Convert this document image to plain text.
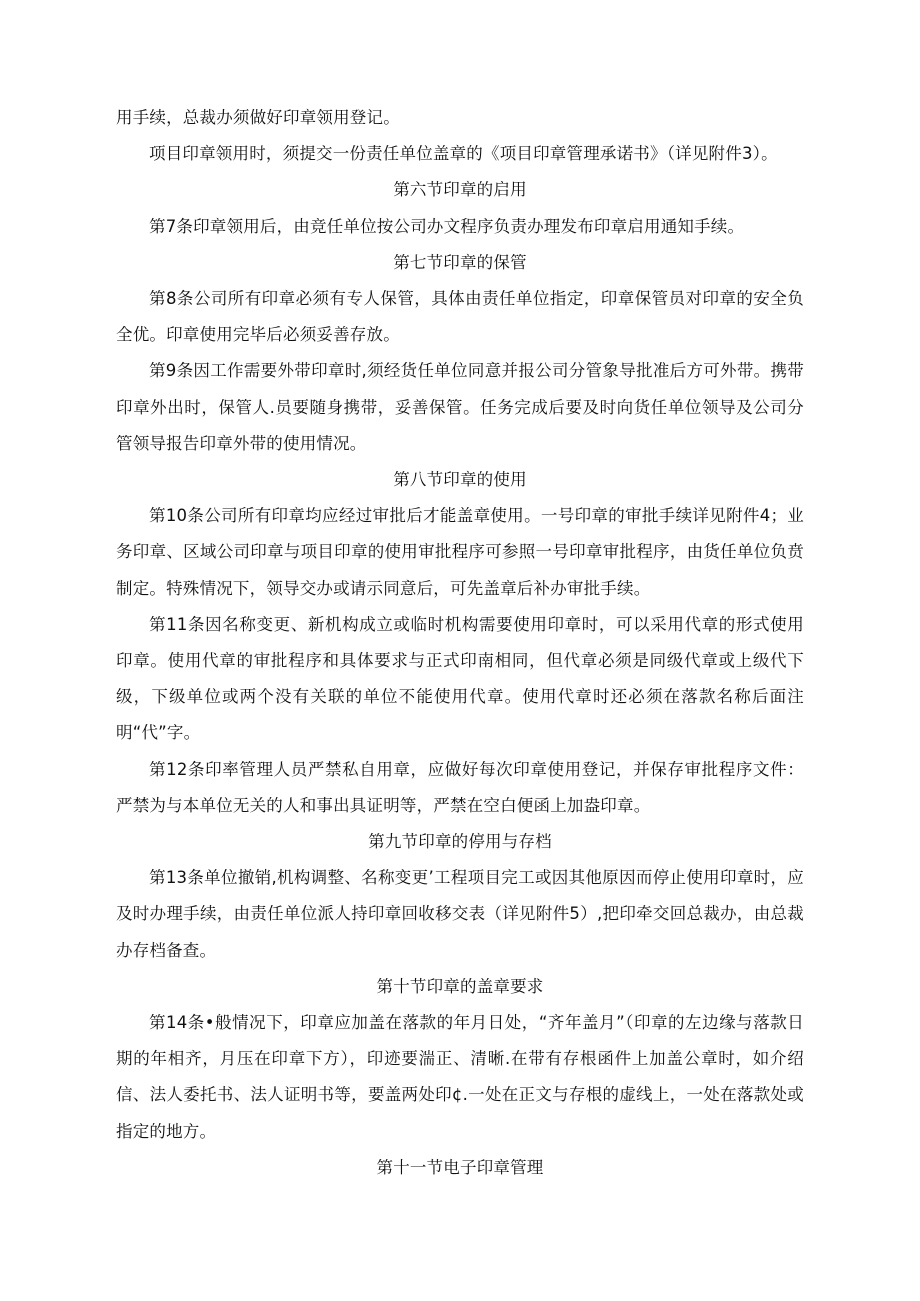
用手续，总裁办须做好印章领用登记。

项目印章领用时，须提交一份责任单位盖章的《项目印章管理承诺书》（详见附件3）。

第六节印章的启用

第7条印章领用后，由竞任单位按公司办文程序负责办理发布印章启用通知手续。

第七节印章的保管

第8条公司所有印章必须有专人保管，具体由责任单位指定，印章保管员对印章的安全负全优。印章使用完毕后必须妥善存放。

第9条因工作需要外带印章时,须经货任单位同意并报公司分管象导批准后方可外带。携带印章外出时，保管人.员要随身携带，妥善保管。任务完成后要及时向货任单位领导及公司分管领导报告印章外带的使用情况。

第八节印章的使用

第10条公司所有印章均应经过审批后才能盖章使用。一号印章的审批手续详见附件4；业务印章、区域公司印章与项目印章的使用审批程序可参照一号印章审批程序，由货任单位负贲制定。特殊情况下，领导交办或请示同意后，可先盖章后补办审批手续。

第11条因名称变更、新机构成立或临时机构需要使用印章时，可以采用代章的形式使用印章。使用代章的审批程序和具体要求与正式印南相同，但代章必须是同级代章或上级代下级，下级单位或两个没有关联的单位不能使用代章。使用代章时还必须在落款名称后面注明“代”字。

第12条印率管理人员严禁私自用章，应做好每次印章使用登记，并保存审批程序文件：严禁为与本单位无关的人和事出具证明等，严禁在空白便函上加盎印章。

第九节印章的停用与存档

第13条单位撤销,机构调整、名称变更’工程项目完工或因其他原因而停止使用印章时，应及时办理手续，由责任单位派人持印章回收移交表（详见附件5）,把印牵交回总裁办，由总裁办存档备查。

第十节印章的盖章要求

第14条•般情况下，印章应加盖在落款的年月日处，“齐年盖月”（印章的左边缘与落款日期的年相齐，月压在印章下方），印迹要湍正、清晰.在带有存根函件上加盖公章时，如介绍信、法人委托书、法人证明书等，要盖两处印¢.一处在正文与存根的虚线上，一处在落款处或指定的地方。

第十一节电子印章管理
